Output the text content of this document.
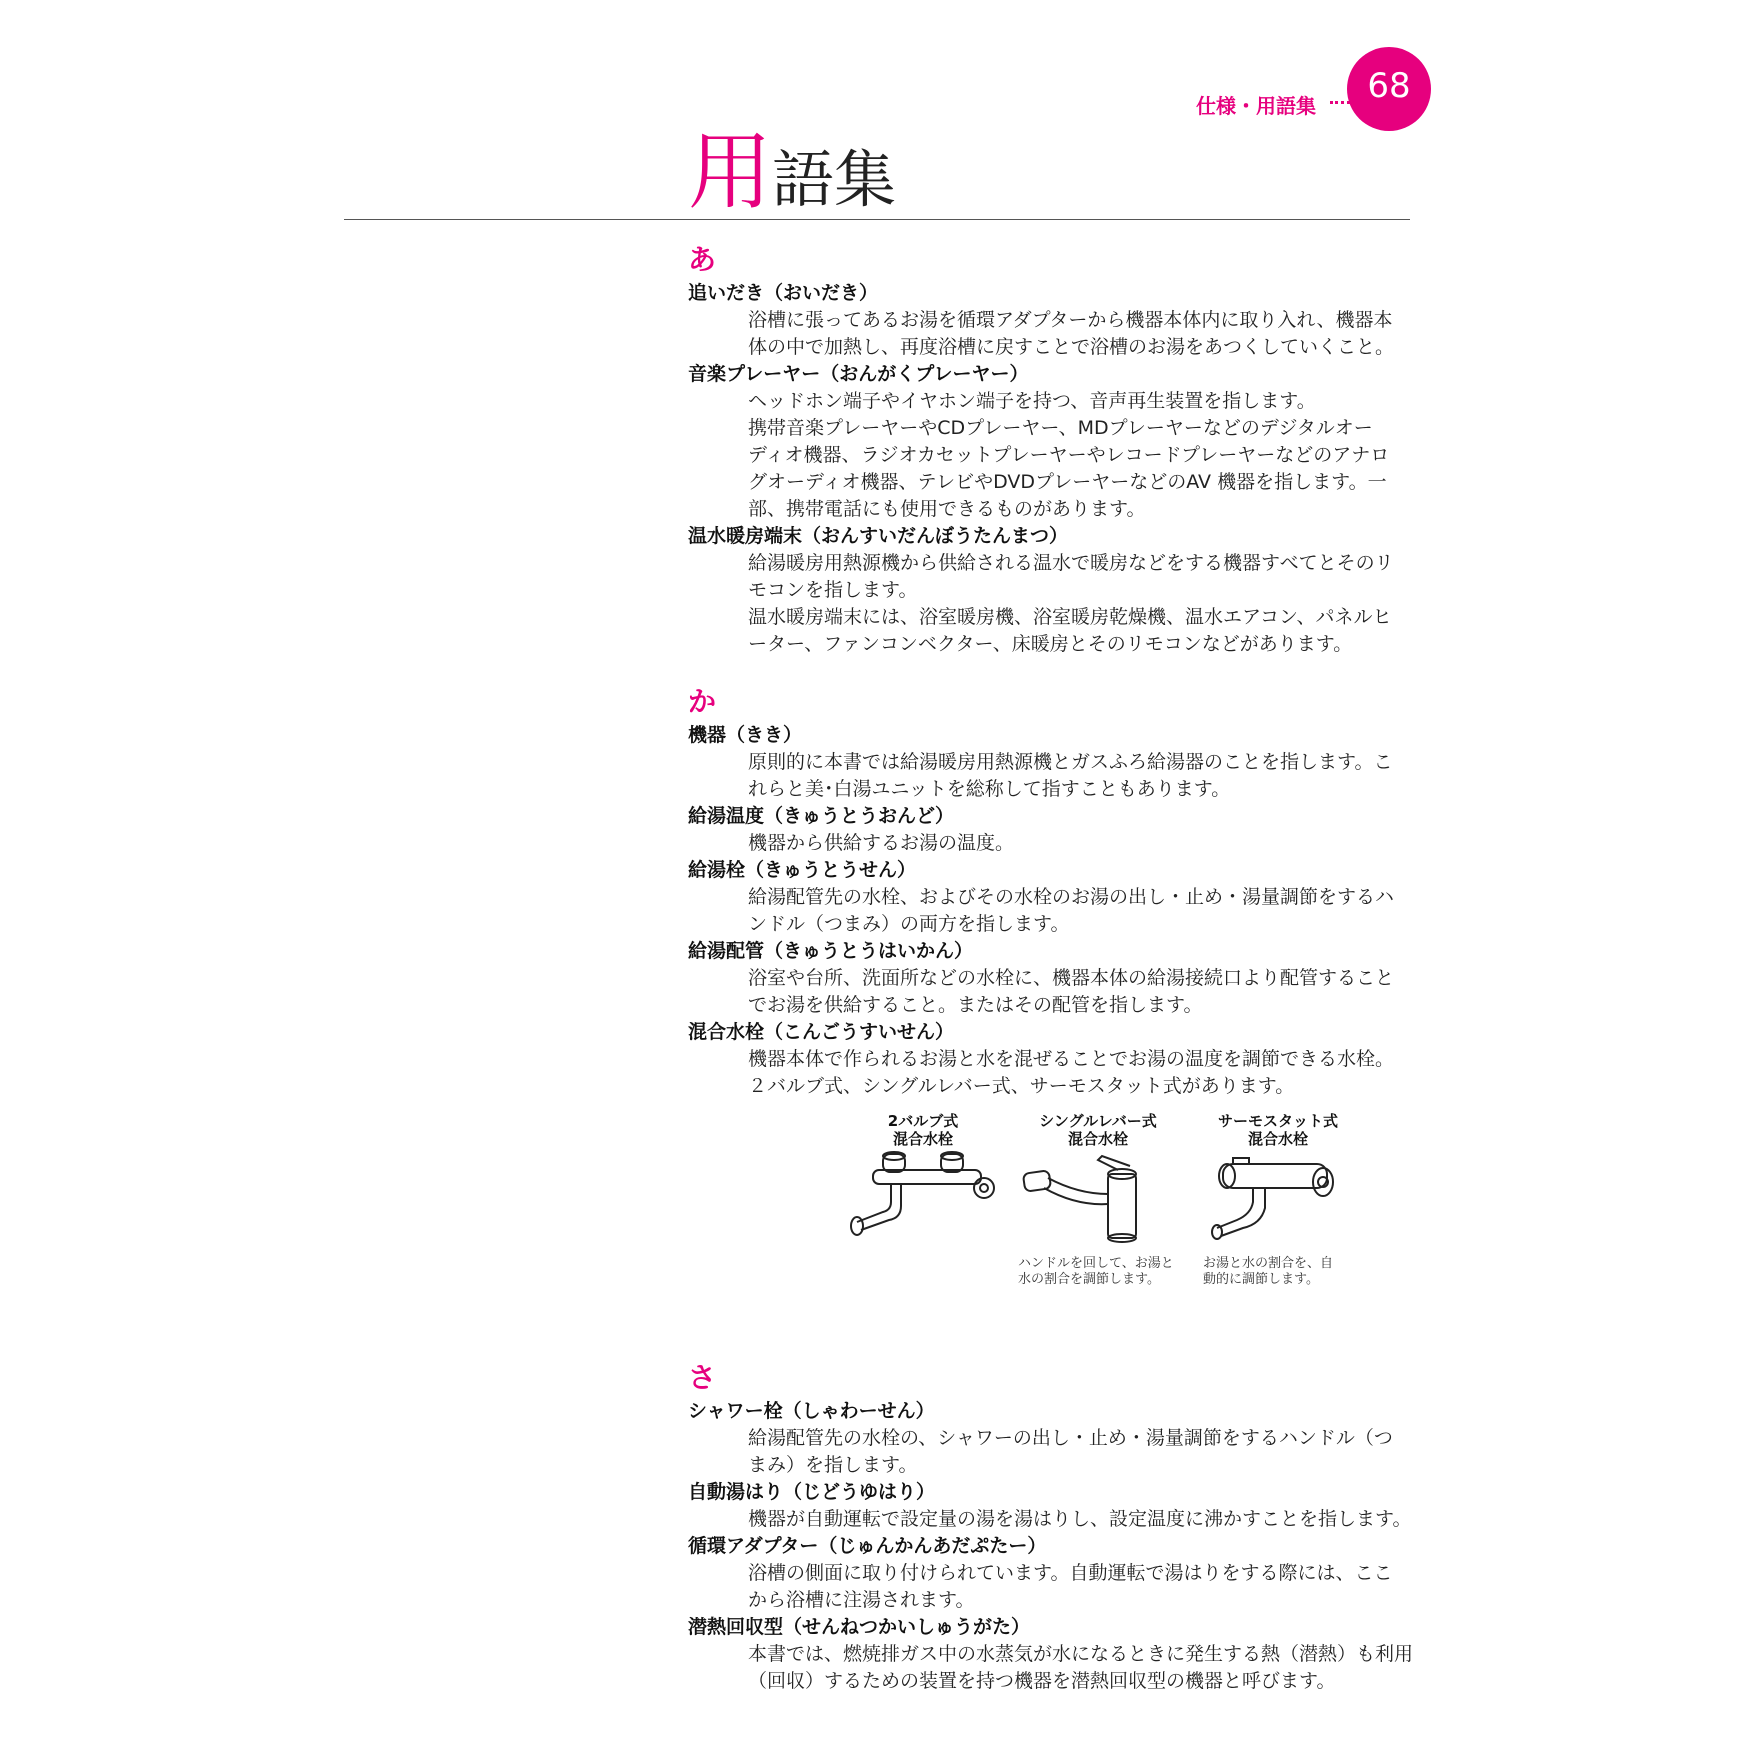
仕様・用語集	68
用語集
あ
追いだき（おいだき）
浴槽に張ってあるお湯を循環アダプターから機器本体内に取り入れ、機器本
体の中で加熱し、再度浴槽に戻すことで浴槽のお湯をあつくしていくこと。
音楽プレーヤー（おんがくプレーヤー）
ヘッドホン端子やイヤホン端子を持つ、音声再生装置を指します。
携帯音楽プレーヤーやCDプレーヤー、MDプレーヤーなどのデジタルオー
ディオ機器、ラジオカセットプレーヤーやレコードプレーヤーなどのアナロ
グオーディオ機器、テレビやDVDプレーヤーなどのAV 機器を指します。一
部、携帯電話にも使用できるものがあります。
温水暖房端末（おんすいだんぼうたんまつ）
給湯暖房用熱源機から供給される温水で暖房などをする機器すべてとそのリ
モコンを指します。
温水暖房端末には、浴室暖房機、浴室暖房乾燥機、温水エアコン、パネルヒ
ーター、ファンコンベクター、床暖房とそのリモコンなどがあります。
か
機器（きき）
原則的に本書では給湯暖房用熱源機とガスふろ給湯器のことを指します。こ
れらと美･白湯ユニットを総称して指すこともあります。
給湯温度（きゅうとうおんど）
機器から供給するお湯の温度。
給湯栓（きゅうとうせん）
給湯配管先の水栓、およびその水栓のお湯の出し・止め・湯量調節をするハ
ンドル（つまみ）の両方を指します。
給湯配管（きゅうとうはいかん）
浴室や台所、洗面所などの水栓に、機器本体の給湯接続口より配管すること
でお湯を供給すること。またはその配管を指します。
混合水栓（こんごうすいせん）
機器本体で作られるお湯と水を混ぜることでお湯の温度を調節できる水栓。
２バルブ式、シングルレバー式、サーモスタット式があります。
2バルブ式
混合水栓
シングルレバー式
混合水栓
ハンドルを回して、お湯と
水の割合を調節します。
サーモスタット式
混合水栓
お湯と水の割合を、自
動的に調節します。
さ
シャワー栓（しゃわーせん）
給湯配管先の水栓の、シャワーの出し・止め・湯量調節をするハンドル（つ
まみ）を指します。
自動湯はり（じどうゆはり）
機器が自動運転で設定量の湯を湯はりし、設定温度に沸かすことを指します。
循環アダプター（じゅんかんあだぷたー）
浴槽の側面に取り付けられています。自動運転で湯はりをする際には、ここ
から浴槽に注湯されます。
潜熱回収型（せんねつかいしゅうがた）
本書では、燃焼排ガス中の水蒸気が水になるときに発生する熱（潜熱）も利用
（回収）するための装置を持つ機器を潜熱回収型の機器と呼びます。
